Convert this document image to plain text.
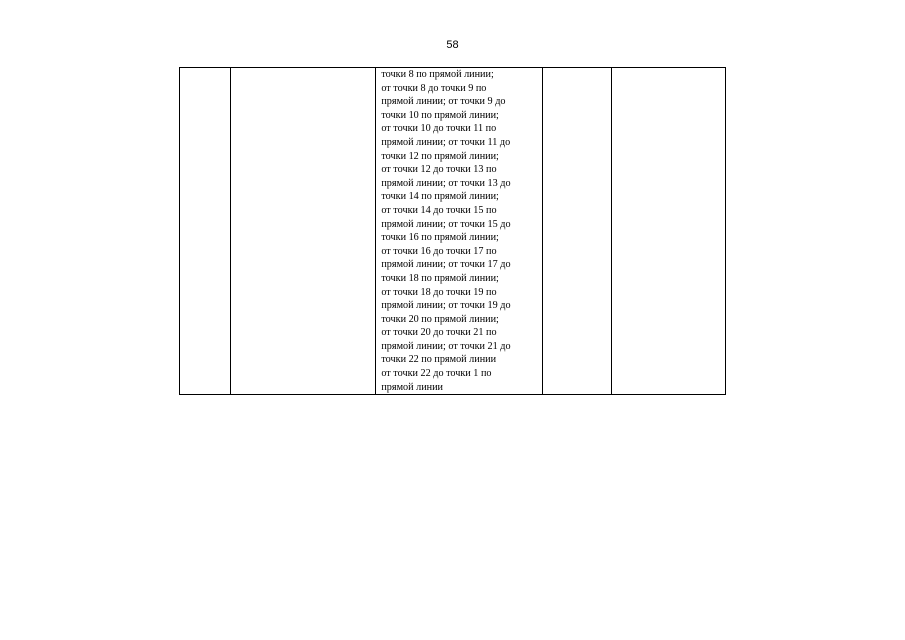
58

точки 8 по прямой линии;
от точки 8 до точки 9 по
прямой линии; от точки 9 до
точки 10 по прямой линии;
от точки 10 до точки 11 по
прямой линии; от точки 11 до
точки 12 по прямой линии;
от точки 12 до точки 13 по
прямой линии; от точки 13 до
точки 14 по прямой линии;
от точки 14 до точки 15 по
прямой линии; от точки 15 до
точки 16 по прямой линии;
от точки 16 до точки 17 по
прямой линии; от точки 17 до
точки 18 по прямой линии;
от точки 18 до точки 19 по
прямой линии; от точки 19 до
точки 20 по прямой линии;
от точки 20 до точки 21 по
прямой линии; от точки 21 до
точки 22 по прямой линии
от точки 22 до точки 1 по
прямой линии
